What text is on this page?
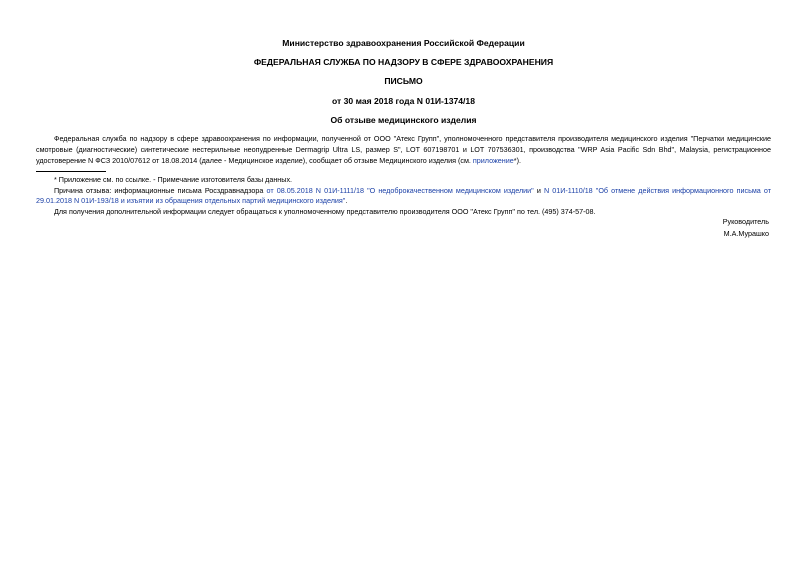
Министерство здравоохранения Российской Федерации
ФЕДЕРАЛЬНАЯ СЛУЖБА ПО НАДЗОРУ В СФЕРЕ ЗДРАВООХРАНЕНИЯ
ПИСЬМО
от 30 мая 2018 года N 01И-1374/18
Об отзыве медицинского изделия
Федеральная служба по надзору в сфере здравоохранения по информации, полученной от ООО "Атекс Групп", уполномоченного представителя производителя медицинского изделия "Перчатки медицинские смотровые (диагностические) синтетические нестерильные неопудренные Dermagrip Ultra LS, размер S", LOT 607198701 и LOT 707536301, производства "WRP Asia Pacific Sdn Bhd", Malaysia, регистрационное удостоверение N ФСЗ 2010/07612 от 18.08.2014 (далее - Медицинское изделие), сообщает об отзыве Медицинского изделия (см. приложение*).
* Приложение см. по ссылке. - Примечание изготовителя базы данных.
Причина отзыва: информационные письма Росздравнадзора от 08.05.2018 N 01И-1111/18 "О недоброкачественном медицинском изделии" и N 01И-1110/18 "Об отмене действия информационного письма от 29.01.2018 N 01И-193/18 и изъятии из обращения отдельных партий медицинского изделия".
Для получения дополнительной информации следует обращаться к уполномоченному представителю производителя ООО "Атекс Групп" по тел. (495) 374-57-08.
Руководитель
М.А.Мурашко
